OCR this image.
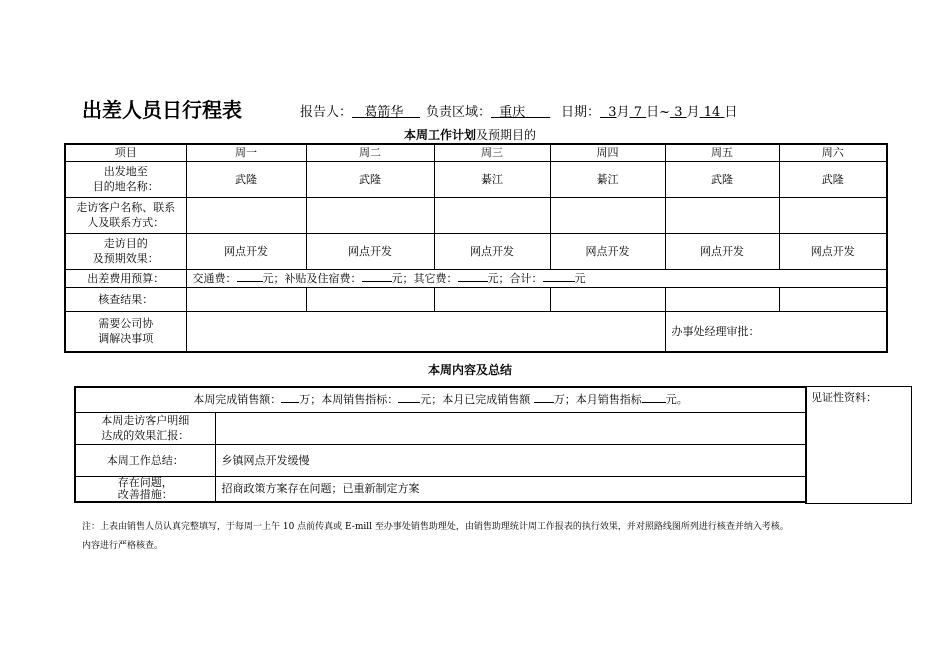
出差人员日行程表	报告人： 葛箭华	负责区域： 重庆	日期： 3月 7 日~ 3 月 14 日
本周工作计划及预期目的
项目	周一	周二	周三	周四	周五	周六
出发地至
目的地名称：	武隆	武隆	綦江	綦江	武隆	武隆
走访客户名称、联系
人及联系方式：						
走访目的
及预期效果：	网点开发	网点开发	网点开发	网点开发	网点开发	网点开发
出差费用预算：	交通费： 元；补贴及住宿费： 元；其它费： 元；合计： 元					
核查结果：						
需要公司协
调解决事项					办事处经理审批：	
本周内容及总结
本周完成销售额： 万；本周销售指标： 元；本月已完成销售额 万；本月销售指标 元。	
本周走访客户明细
达成的效果汇报：	
本周工作总结：	乡镇网点开发缓慢
存在问题，
改善措施：	招商政策方案存在问题；已重新制定方案
见证性资料：
注：上表由销售人员认真完整填写，于每周一上午 10 点前传真或 E-mill 至办事处销售助理处，由销售助理统计周工作报表的执行效果，并对照路线图所列进行核查并纳入考核。
内容进行严格核查。
